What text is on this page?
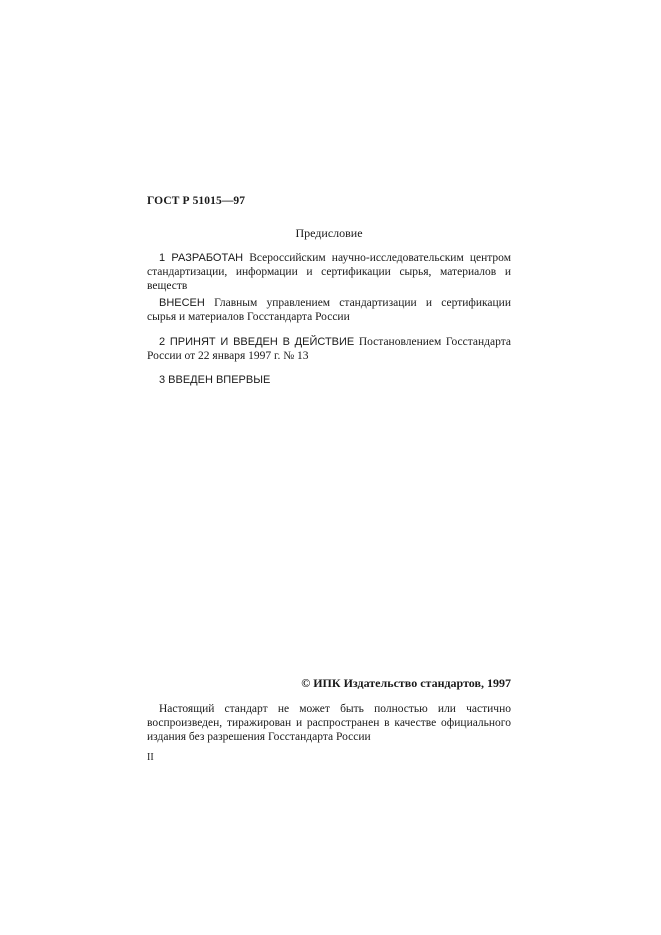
ГОСТ Р 51015—97
Предисловие
1 РАЗРАБОТАН Всероссийским научно-исследовательским центром стандартизации, информации и сертификации сырья, материалов и веществ
ВНЕСЕН Главным управлением стандартизации и сертификации сырья и материалов Госстандарта России
2 ПРИНЯТ И ВВЕДЕН В ДЕЙСТВИЕ Постановлением Госстандарта России от 22 января 1997 г. № 13
3 ВВЕДЕН ВПЕРВЫЕ
© ИПК Издательство стандартов, 1997
Настоящий стандарт не может быть полностью или частично воспроизведен, тиражирован и распространен в качестве официального издания без разрешения Госстандарта России
II
